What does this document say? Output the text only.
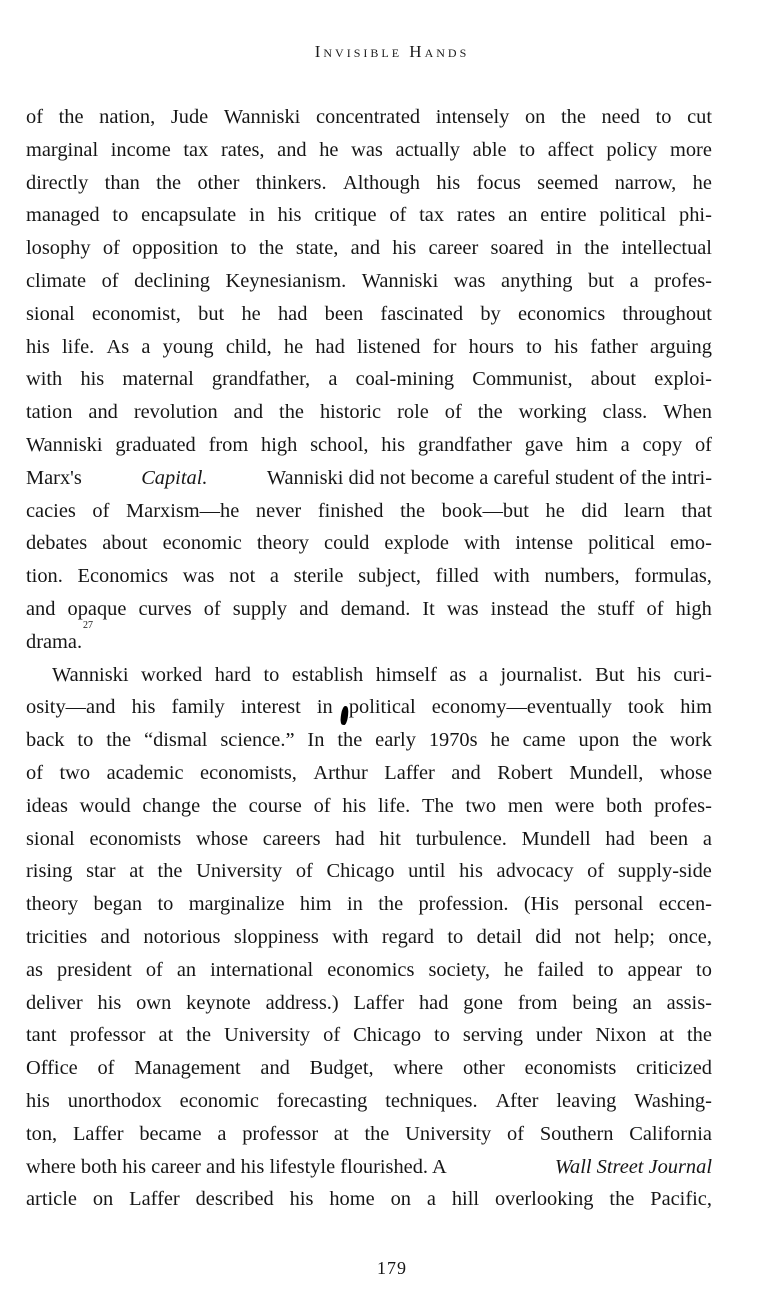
Invisible Hands
of the nation, Jude Wanniski concentrated intensely on the need to cut
marginal income tax rates, and he was actually able to affect policy more
directly than the other thinkers. Although his focus seemed narrow, he
managed to encapsulate in his critique of tax rates an entire political phi-
losophy of opposition to the state, and his career soared in the intellectual
climate of declining Keynesianism. Wanniski was anything but a profes-
sional economist, but he had been fascinated by economics throughout
his life. As a young child, he had listened for hours to his father arguing
with his maternal grandfather, a coal-mining Communist, about exploi-
tation and revolution and the historic role of the working class. When
Wanniski graduated from high school, his grandfather gave him a copy of
Marx's	Capital.	Wanniski did not become a careful student of the intri-
cacies of Marxism—he never finished the book—but he did learn that
debates about economic theory could explode with intense political emo-
tion. Economics was not a sterile subject, filled with numbers, formulas,
and opaque curves of supply and demand. It was instead the stuff of high
drama.
27
Wanniski worked hard to establish himself as a journalist. But his curi-
osity—and his family interest in political economy—eventually took him
back to the “dismal science.” In the early 1970s he came upon the work
of two academic economists, Arthur Laffer and Robert Mundell, whose
ideas would change the course of his life. The two men were both profes-
sional economists whose careers had hit turbulence. Mundell had been a
rising star at the University of Chicago until his advocacy of supply-side
theory began to marginalize him in the profession. (His personal eccen-
tricities and notorious sloppiness with regard to detail did not help; once,
as president of an international economics society, he failed to appear to
deliver his own keynote address.) Laffer had gone from being an assis-
tant professor at the University of Chicago to serving under Nixon at the
Office of Management and Budget, where other economists criticized
his unorthodox economic forecasting techniques. After leaving Washing-
ton, Laffer became a professor at the University of Southern California
where both his career and his lifestyle flourished. A	Wall Street Journal
article on Laffer described his home on a hill overlooking the Pacific,
179
